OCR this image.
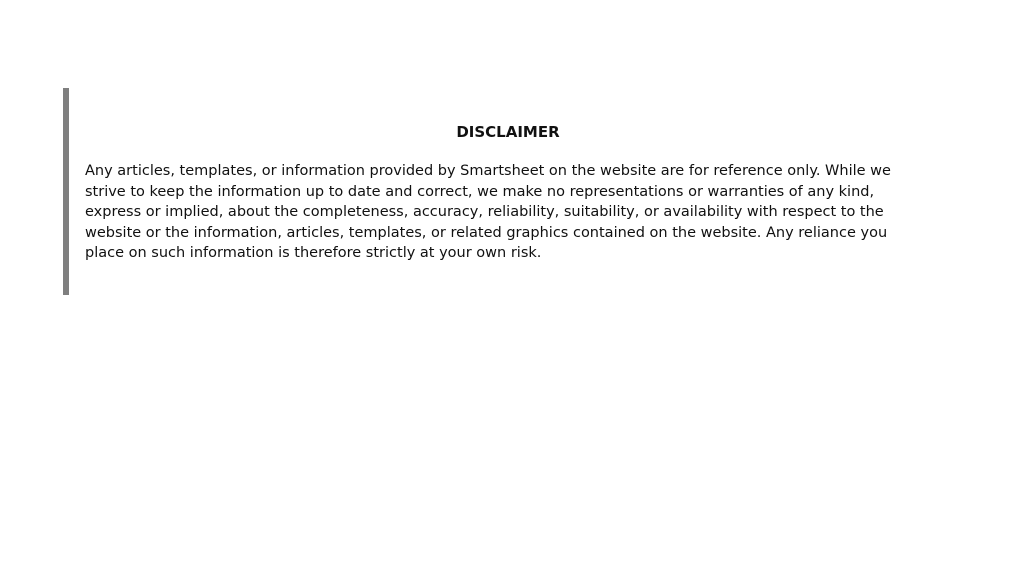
DISCLAIMER

Any articles, templates, or information provided by Smartsheet on the website are for reference only. While we strive to keep the information up to date and correct, we make no representations or warranties of any kind, express or implied, about the completeness, accuracy, reliability, suitability, or availability with respect to the website or the information, articles, templates, or related graphics contained on the website. Any reliance you place on such information is therefore strictly at your own risk.
